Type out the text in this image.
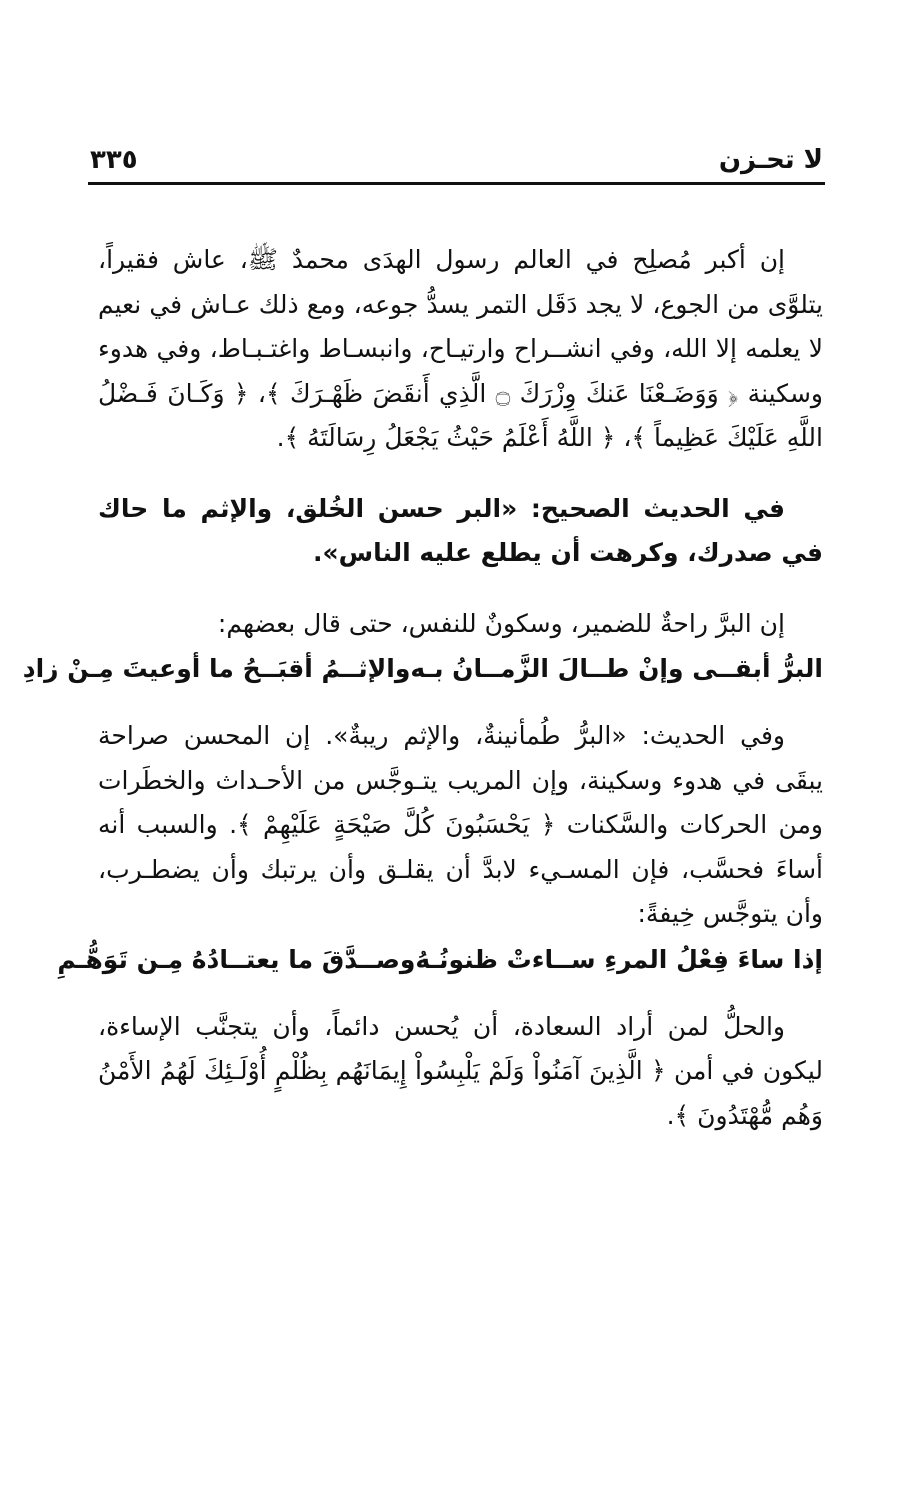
لا تحـزن
٣٣٥

إن أكبر مُصلِح في العالم رسول الهدَى محمدٌ ﷺ، عاش فقيراً، يتلوَّى من الجوع، لا يجد دَقَل التمر يسدُّ جوعه، ومع ذلك عـاش في نعيم لا يعلمه إلا الله، وفي انشــراح وارتيـاح، وانبسـاط واغتـبـاط، وفي هدوء وسكينة ﴿ وَوَضَـعْنَا عَنكَ وِزْرَكَ ۝ الَّذِي أَنقَضَ ظَهْـرَكَ ﴾، ﴿ وَكَـانَ فَـضْلُ اللَّهِ عَلَيْكَ عَظِيماً ﴾، ﴿ اللَّهُ أَعْلَمُ حَيْثُ يَجْعَلُ رِسَالَتَهُ ﴾.

في الحديث الصحيح: «البر حسن الخُلق، والإثم ما حاك في صدرك، وكرهت أن يطلع عليه الناس».

إن البرَّ راحةٌ للضمير، وسكونٌ للنفس، حتى قال بعضهم:

البرُّ أبقــى وإنْ طــالَ الزَّمــانُ بـه
والإثــمُ أقبَــحُ ما أوعيتَ مِـنْ زادِ

وفي الحديث: «البرُّ طُمأنينةٌ، والإثم ريبةٌ». إن المحسن صراحة يبقَى في هدوء وسكينة، وإن المريب يتـوجَّس من الأحـداث والخطَرات ومن الحركات والسَّكنات ﴿ يَحْسَبُونَ كُلَّ صَيْحَةٍ عَلَيْهِمْ ﴾. والسبب أنه أساءَ فحسَّب، فإن المسـيء لابدَّ أن يقلـق وأن يرتبك وأن يضطـرب، وأن يتوجَّس خِيفةً:

إذا ساءَ فِعْلُ المرءِ ســاءتْ ظنونُـهُ
وصــدَّقَ ما يعتــادُهُ مِـن تَوَهُّـمِ

والحلُّ لمن أراد السعادة، أن يُحسن دائماً، وأن يتجنَّب الإساءة، ليكون في أمن ﴿ الَّذِينَ آمَنُواْ وَلَمْ يَلْبِسُواْ إِيمَانَهُم بِظُلْمٍ أُوْلَـئِكَ لَهُمُ الأَمْنُ وَهُم مُّهْتَدُونَ ﴾.
